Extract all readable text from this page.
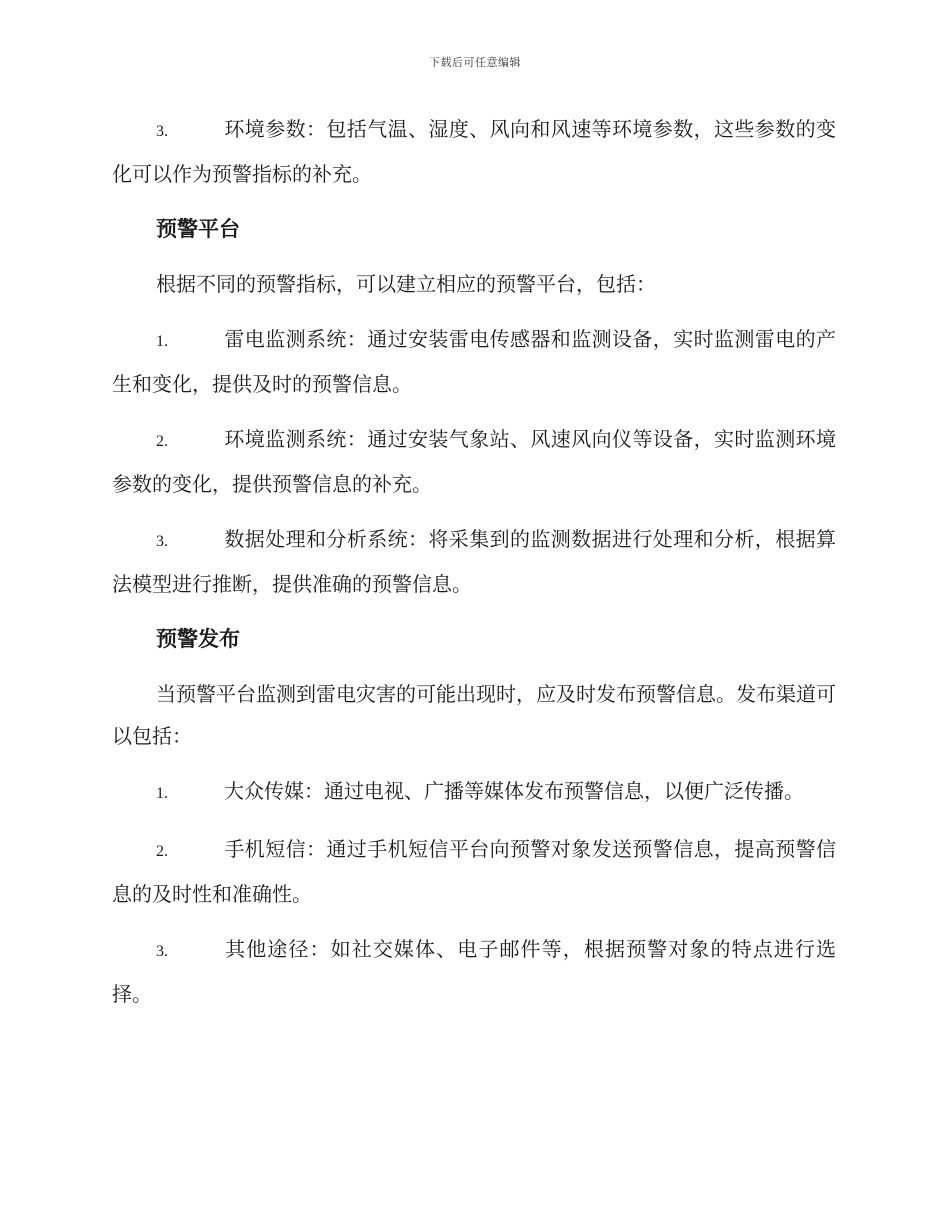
下载后可任意编辑

3.	环境参数：包括气温、湿度、风向和风速等环境参数，这些参数的变化可以作为预警指标的补充。

预警平台

根据不同的预警指标，可以建立相应的预警平台，包括：

1.	雷电监测系统：通过安装雷电传感器和监测设备，实时监测雷电的产生和变化，提供及时的预警信息。

2.	环境监测系统：通过安装气象站、风速风向仪等设备，实时监测环境参数的变化，提供预警信息的补充。

3.	数据处理和分析系统：将采集到的监测数据进行处理和分析，根据算法模型进行推断，提供准确的预警信息。

预警发布

当预警平台监测到雷电灾害的可能出现时，应及时发布预警信息。发布渠道可以包括：

1.	大众传媒：通过电视、广播等媒体发布预警信息，以便广泛传播。

2.	手机短信：通过手机短信平台向预警对象发送预警信息，提高预警信息的及时性和准确性。

3.	其他途径：如社交媒体、电子邮件等，根据预警对象的特点进行选择。
